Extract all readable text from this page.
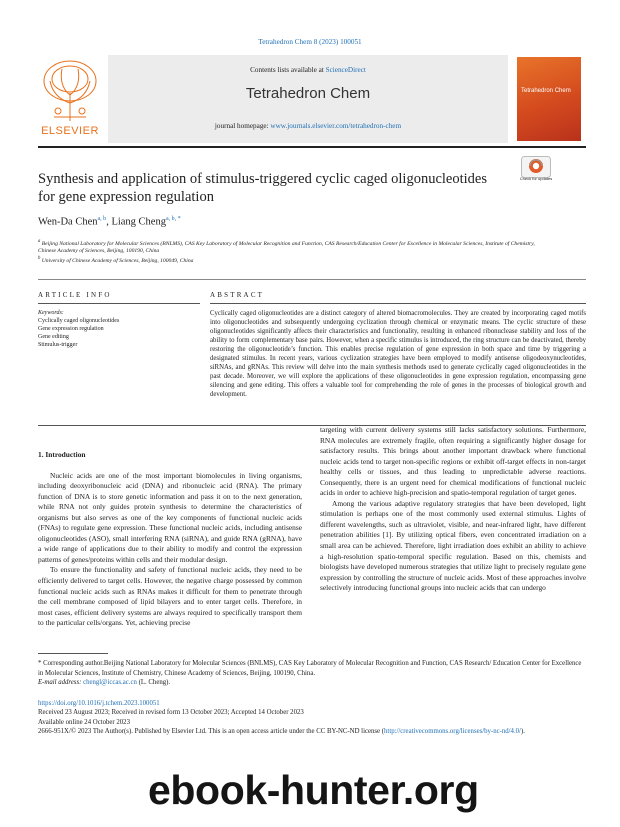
Tetrahedron Chem 8 (2023) 100051
ELSEVIER
Contents lists available at ScienceDirect
Tetrahedron Chem
journal homepage: www.journals.elsevier.com/tetrahedron-chem
Tetrahedron Chem
Synthesis and application of stimulus-triggered cyclic caged oligonucleotides for gene expression regulation
Check for updates
Wen-Da Chen$^{a, b}$, Liang Cheng$^{a, b, *}$
$^a$ Beijing National Laboratory for Molecular Sciences (BNLMS), CAS Key Laboratory of Molecular Recognition and Function, CAS Research/Education Center for Excellence in Molecular Sciences, Institute of Chemistry, Chinese Academy of Sciences, Beijing, 100190, China
$^b$ University of Chinese Academy of Sciences, Beijing, 100049, China
ARTICLE INFO	ABSTRACT
Keywords:
Cyclically caged oligonucleotides
Gene expression regulation
Gene editing
Stimulus-trigger
Cyclically caged oligonucleotides are a distinct category of altered biomacromolecules. They are created by incorporating caged motifs into oligonucleotides and subsequently undergoing cyclization through chemical or enzymatic means. The cyclic structure of these oligonucleotides significantly affects their characteristics and functionality, resulting in enhanced ribonuclease stability and loss of the ability to form complementary base pairs. However, when a specific stimulus is introduced, the ring structure can be deactivated, thereby restoring the oligonucleotide’s function. This enables precise regulation of gene expression in both space and time by triggering a designated stimulus. In recent years, various cyclization strategies have been employed to modify antisense oligodeoxynucleotides, siRNAs, and gRNAs. This review will delve into the main synthesis methods used to generate cyclically caged oligonucleotides in the past decade. Moreover, we will explore the applications of these oligonucleotides in gene expression regulation, encompassing gene silencing and gene editing. This offers a valuable tool for comprehending the role of genes in the processes of biological growth and development.

1. Introduction

Nucleic acids are one of the most important biomolecules in living organisms, including deoxyribonucleic acid (DNA) and ribonucleic acid (RNA). The primary function of DNA is to store genetic information and pass it on to the next generation, while RNA not only guides protein synthesis to determine the characteristics of organisms but also serves as one of the key components of functional nucleic acids (FNAs) to regulate gene expression. These functional nucleic acids, including antisense oligonucleotides (ASO), small interfering RNA (siRNA), and guide RNA (gRNA), have a wide range of applications due to their ability to modify and control the expression patterns of genes/proteins within cells and their modular design.

To ensure the functionality and safety of functional nucleic acids, they need to be efficiently delivered to target cells. However, the negative charge possessed by common functional nucleic acids such as RNAs makes it difficult for them to penetrate through the cell membrane composed of lipid bilayers and to enter target cells. Therefore, in most cases, efficient delivery systems are always required to specifically transport them to the particular cells/organs. Yet, achieving precise

targeting with current delivery systems still lacks satisfactory solutions. Furthermore, RNA molecules are extremely fragile, often requiring a significantly higher dosage for satisfactory results. This brings about another important drawback where functional nucleic acids tend to target non-specific regions or exhibit off-target effects in non-target healthy cells or tissues, and thus leading to unpredictable adverse reactions. Consequently, there is an urgent need for chemical modifications of functional nucleic acids in order to achieve high-precision and spatio-temporal regulation of target genes.

Among the various adaptive regulatory strategies that have been developed, light stimulation is perhaps one of the most commonly used external stimulus. Lights of different wavelengths, such as ultraviolet, visible, and near-infrared light, have different penetration abilities [1]. By utilizing optical fibers, even concentrated irradiation on a small area can be achieved. Therefore, light irradiation does exhibit an ability to achieve a high-resolution spatio-temporal specific regulation. Based on this, chemists and biologists have developed numerous strategies that utilize light to precisely regulate gene expression by controlling the structure of nucleic acids. Most of these approaches involve selectively introducing functional groups into nucleic acids that can undergo

* Corresponding author.Beijing National Laboratory for Molecular Sciences (BNLMS), CAS Key Laboratory of Molecular Recognition and Function, CAS Research/ Education Center for Excellence in Molecular Sciences, Institute of Chemistry, Chinese Academy of Sciences, Beijing, 100190, China.
E-mail address: chengl@iccas.ac.cn (L. Cheng).
https://doi.org/10.1016/j.tchem.2023.100051
Received 23 August 2023; Received in revised form 13 October 2023; Accepted 14 October 2023
Available online 24 October 2023
2666-951X/© 2023 The Author(s). Published by Elsevier Ltd. This is an open access article under the CC BY-NC-ND license (http://creativecommons.org/licenses/by-nc-nd/4.0/).
ebook-hunter.org
